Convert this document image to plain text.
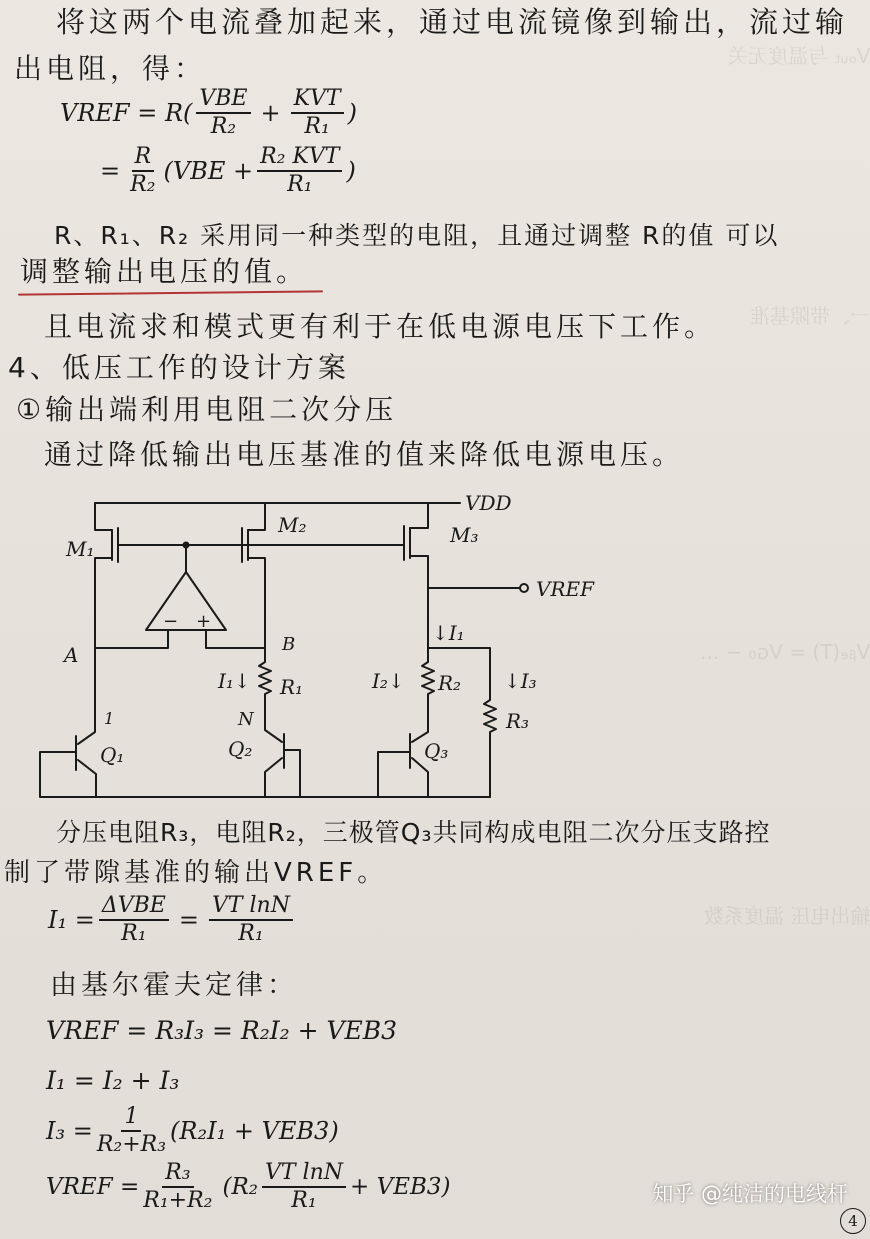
Vₒᵤₜ 与温度无关
一、带隙基准
Vᵦₑ(T) = Vɢ₀ − ...
输出电压 温度系数
将这两个电流叠加起来，通过电流镜像到输出，流过输
出电阻，得：
VREF = $R( \frac{\text{VBE}}{\text{R₂}} + \frac{\text{KVT}}{\text{R₁}}$ )
= $\frac{R}{\text{R₂}} (VBE + \frac{\text{R₂ KVT}}{\text{R₁}}$ )
R、R₁、R₂ 采用同一种类型的电阻，且通过调整 R的值 可以
调整输出电压的值。
且电流求和模式更有利于在低电源电压下工作。
4、低压工作的设计方案
①输出端利用电阻二次分压
通过降低输出电压基准的值来降低电源电压。
VDD
M₁
M₂	M₃
VREF
− +
A	B
N
↓I₁
I₁↓	I₂↓	↓I₃
R₁	R₂
R₃
Q₁	Q₂	Q₃
1
分压电阻R₃，电阻R₂，三极管Q₃共同构成电阻二次分压支路控
制了带隙基准的输出VREF。
$I_1 = \frac{\text{ΔVBE}}{\text{R₁}} = \frac{\text{VT lnN}}{\text{R₁}}$
由基尔霍夫定律：
VREF = R₃I₃ = R₂I₂ + VEB3
I₁ = I₂ + I₃
$I_3 = \frac{1}{\text{R₂+R₃}} (R_2I_1 + VEB3)$
VREF = $\frac{\text{R₃}}{\text{R₁+R₂}} (R_2 \frac{\text{VT lnN}}{\text{R₁}} + VEB3)$	知乎 @纯洁的电线杆
4
